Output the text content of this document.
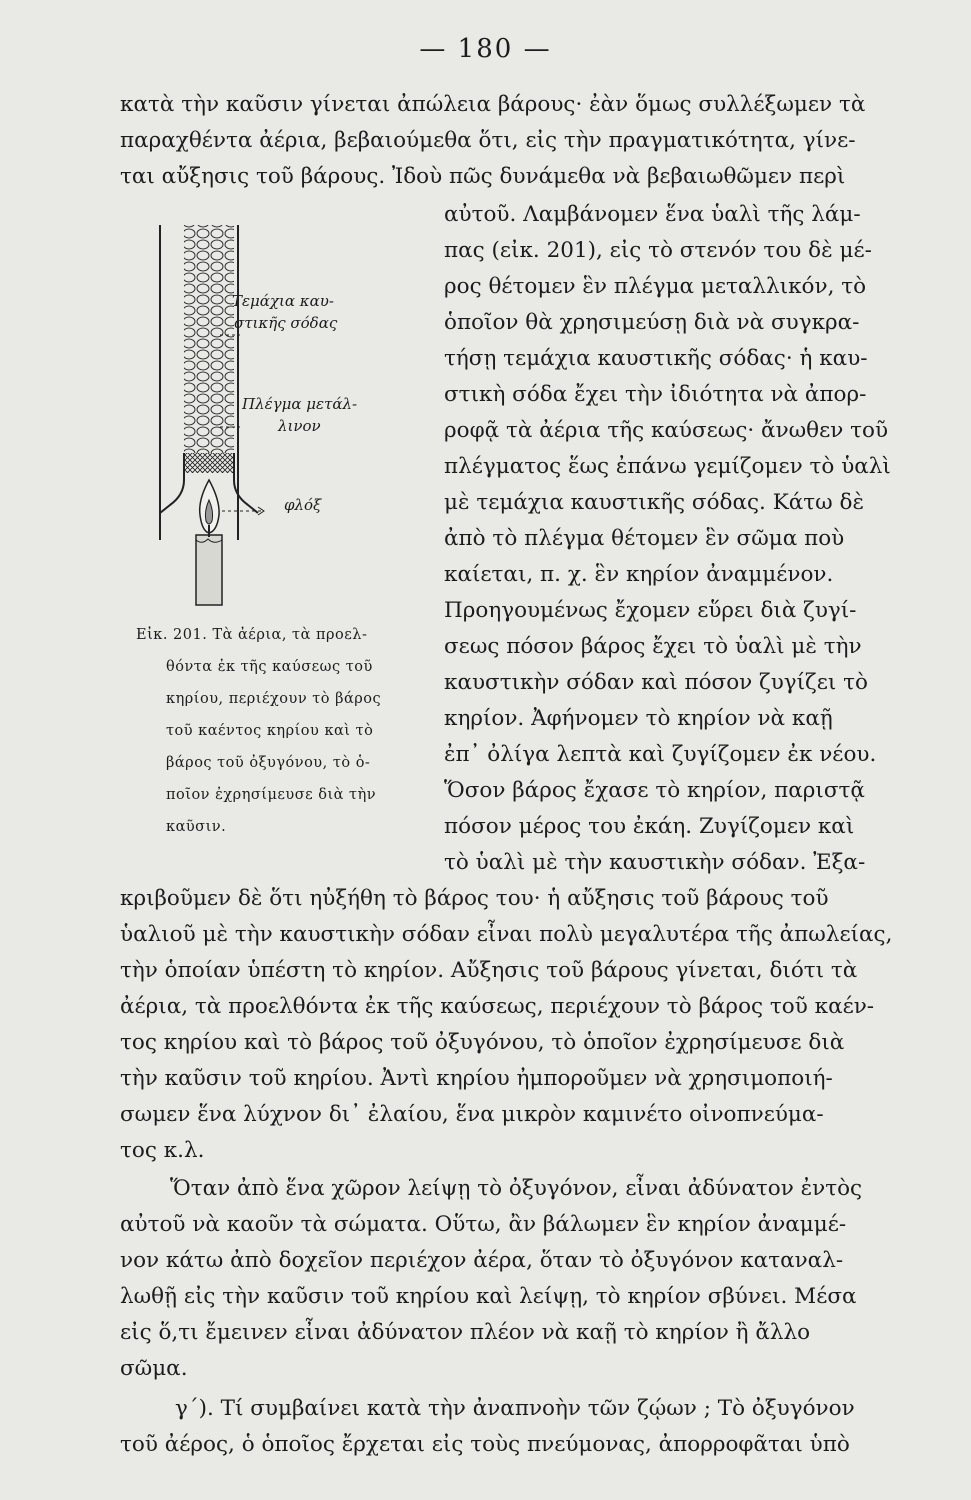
— 180 —
κατὰ τὴν καῦσιν γίνεται ἀπώλεια βάρους· ἐὰν ὅμως συλλέξωμεν τὰ
παραχθέντα ἀέρια, βεβαιούμεθα ὅτι, εἰς τὴν πραγματικότητα, γίνε-
ται αὔξησις τοῦ βάρους. Ἰδοὺ πῶς δυνάμεθα νὰ βεβαιωθῶμεν περὶ
αὐτοῦ. Λαμβάνομεν ἕνα ὑαλὶ τῆς λάμ-
πας (εἰκ. 201), εἰς τὸ στενόν του δὲ μέ-
ρος θέτομεν ἓν πλέγμα μεταλλικόν, τὸ
ὁποῖον θὰ χρησιμεύσῃ διὰ νὰ συγκρα-
τήσῃ τεμάχια καυστικῆς σόδας· ἡ καυ-
στικὴ σόδα ἔχει τὴν ἰδιότητα νὰ ἀπορ-
ροφᾷ τὰ ἀέρια τῆς καύσεως· ἄνωθεν τοῦ
πλέγματος ἕως ἐπάνω γεμίζομεν τὸ ὑαλὶ
μὲ τεμάχια καυστικῆς σόδας. Κάτω δὲ
ἀπὸ τὸ πλέγμα θέτομεν ἓν σῶμα ποὺ
καίεται, π. χ. ἓν κηρίον ἀναμμένον.
Προηγουμένως ἔχομεν εὕρει διὰ ζυγί-
σεως πόσον βάρος ἔχει τὸ ὑαλὶ μὲ τὴν
καυστικὴν σόδαν καὶ πόσον ζυγίζει τὸ
κηρίον. Ἀφήνομεν τὸ κηρίον νὰ καῇ
ἐπ᾽ ὀλίγα λεπτὰ καὶ ζυγίζομεν ἐκ νέου.
Ὅσον βάρος ἔχασε τὸ κηρίον, παριστᾷ
πόσον μέρος του ἐκάη. Ζυγίζομεν καὶ
τὸ ὑαλὶ μὲ τὴν καυστικὴν σόδαν. Ἐξα-
Τεμάχια καυ-
στικῆς σόδας
Πλέγμα μετάλ-
λινον
φλόξ
Εἰκ. 201. Τὰ ἀέρια, τὰ προελ-
θόντα ἐκ τῆς καύσεως τοῦ
κηρίου, περιέχουν τὸ βάρος
τοῦ καέντος κηρίου καὶ τὸ
βάρος τοῦ ὀξυγόνου, τὸ ὁ-
ποῖον ἐχρησίμευσε διὰ τὴν
καῦσιν.
κριβοῦμεν δὲ ὅτι ηὐξήθη τὸ βάρος του· ἡ αὔξησις τοῦ βάρους τοῦ
ὑαλιοῦ μὲ τὴν καυστικὴν σόδαν εἶναι πολὺ μεγαλυτέρα τῆς ἀπωλείας,
τὴν ὁποίαν ὑπέστη τὸ κηρίον. Αὔξησις τοῦ βάρους γίνεται, διότι τὰ
ἀέρια, τὰ προελθόντα ἐκ τῆς καύσεως, περιέχουν τὸ βάρος τοῦ καέν-
τος κηρίου καὶ τὸ βάρος τοῦ ὀξυγόνου, τὸ ὁποῖον ἐχρησίμευσε διὰ
τὴν καῦσιν τοῦ κηρίου. Ἀντὶ κηρίου ἠμποροῦμεν νὰ χρησιμοποιή-
σωμεν ἕνα λύχνον δι᾽ ἐλαίου, ἕνα μικρὸν καμινέτο οἰνοπνεύμα-
τος κ.λ.
Ὅταν ἀπὸ ἕνα χῶρον λείψῃ τὸ ὀξυγόνον, εἶναι ἀδύνατον ἐντὸς
αὐτοῦ νὰ καοῦν τὰ σώματα. Οὕτω, ἂν βάλωμεν ἓν κηρίον ἀναμμέ-
νον κάτω ἀπὸ δοχεῖον περιέχον ἀέρα, ὅταν τὸ ὀξυγόνον καταναλ-
λωθῇ εἰς τὴν καῦσιν τοῦ κηρίου καὶ λείψῃ, τὸ κηρίον σβύνει. Μέσα
εἰς ὅ,τι ἔμεινεν εἶναι ἀδύνατον πλέον νὰ καῇ τὸ κηρίον ἢ ἄλλο
σῶμα.
γ΄). Τί συμβαίνει κατὰ τὴν ἀναπνοὴν τῶν ζῴων ; Τὸ ὀξυγόνον
τοῦ ἀέρος, ὁ ὁποῖος ἔρχεται εἰς τοὺς πνεύμονας, ἀπορροφᾶται ὑπὸ
